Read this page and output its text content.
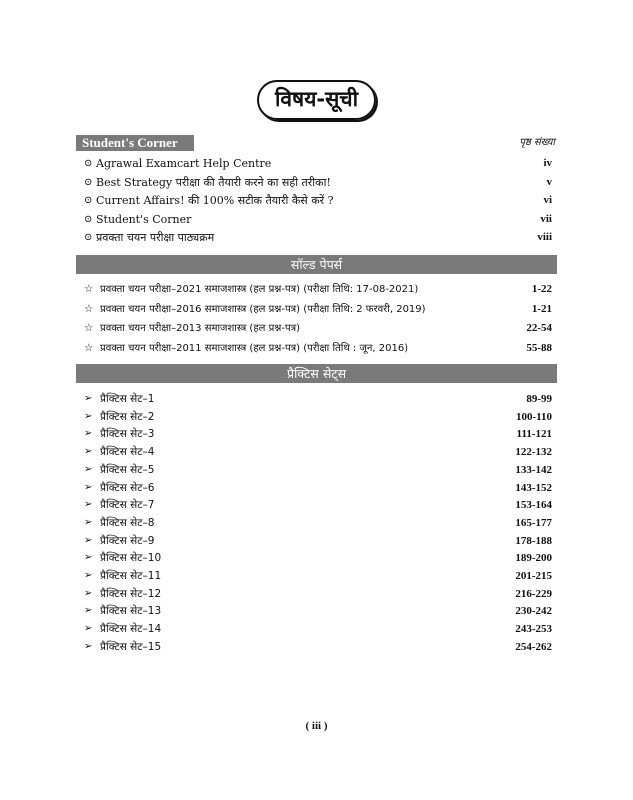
विषय-सूची
Student's Corner	पृष्ठ संख्या
⊙ Agrawal Examcart Help Centre	iv
⊙ Best Strategy परीक्षा की तैयारी करने का सही तरीका!	v
⊙ Current Affairs! की 100% सटीक तैयारी कैसे करें ?	vi
⊙ Student's Corner	vii
⊙ प्रवक्ता चयन परीक्षा पाठ्यक्रम	viii
सॉल्ड पेपर्स
☆ प्रवक्ता चयन परीक्षा–2021 समाजशास्त्र (हल प्रश्न-पत्र) (परीक्षा तिथि: 17-08-2021)	1-22
☆ प्रवक्ता चयन परीक्षा–2016 समाजशास्त्र (हल प्रश्न-पत्र) (परीक्षा तिथि: 2 फरवरी, 2019)	1-21
☆ प्रवक्ता चयन परीक्षा–2013 समाजशास्त्र (हल प्रश्न-पत्र)	22-54
☆ प्रवक्ता चयन परीक्षा–2011 समाजशास्त्र (हल प्रश्न-पत्र) (परीक्षा तिथि : जून, 2016)	55-88
प्रैक्टिस सेट्स
➢ प्रैक्टिस सेट–1	89-99
➢ प्रैक्टिस सेट–2	100-110
➢ प्रैक्टिस सेट–3	111-121
➢ प्रैक्टिस सेट–4	122-132
➢ प्रैक्टिस सेट–5	133-142
➢ प्रैक्टिस सेट–6	143-152
➢ प्रैक्टिस सेट–7	153-164
➢ प्रैक्टिस सेट–8	165-177
➢ प्रैक्टिस सेट–9	178-188
➢ प्रैक्टिस सेट–10	189-200
➢ प्रैक्टिस सेट–11	201-215
➢ प्रैक्टिस सेट–12	216-229
➢ प्रैक्टिस सेट–13	230-242
➢ प्रैक्टिस सेट–14	243-253
➢ प्रैक्टिस सेट–15	254-262
( iii )
